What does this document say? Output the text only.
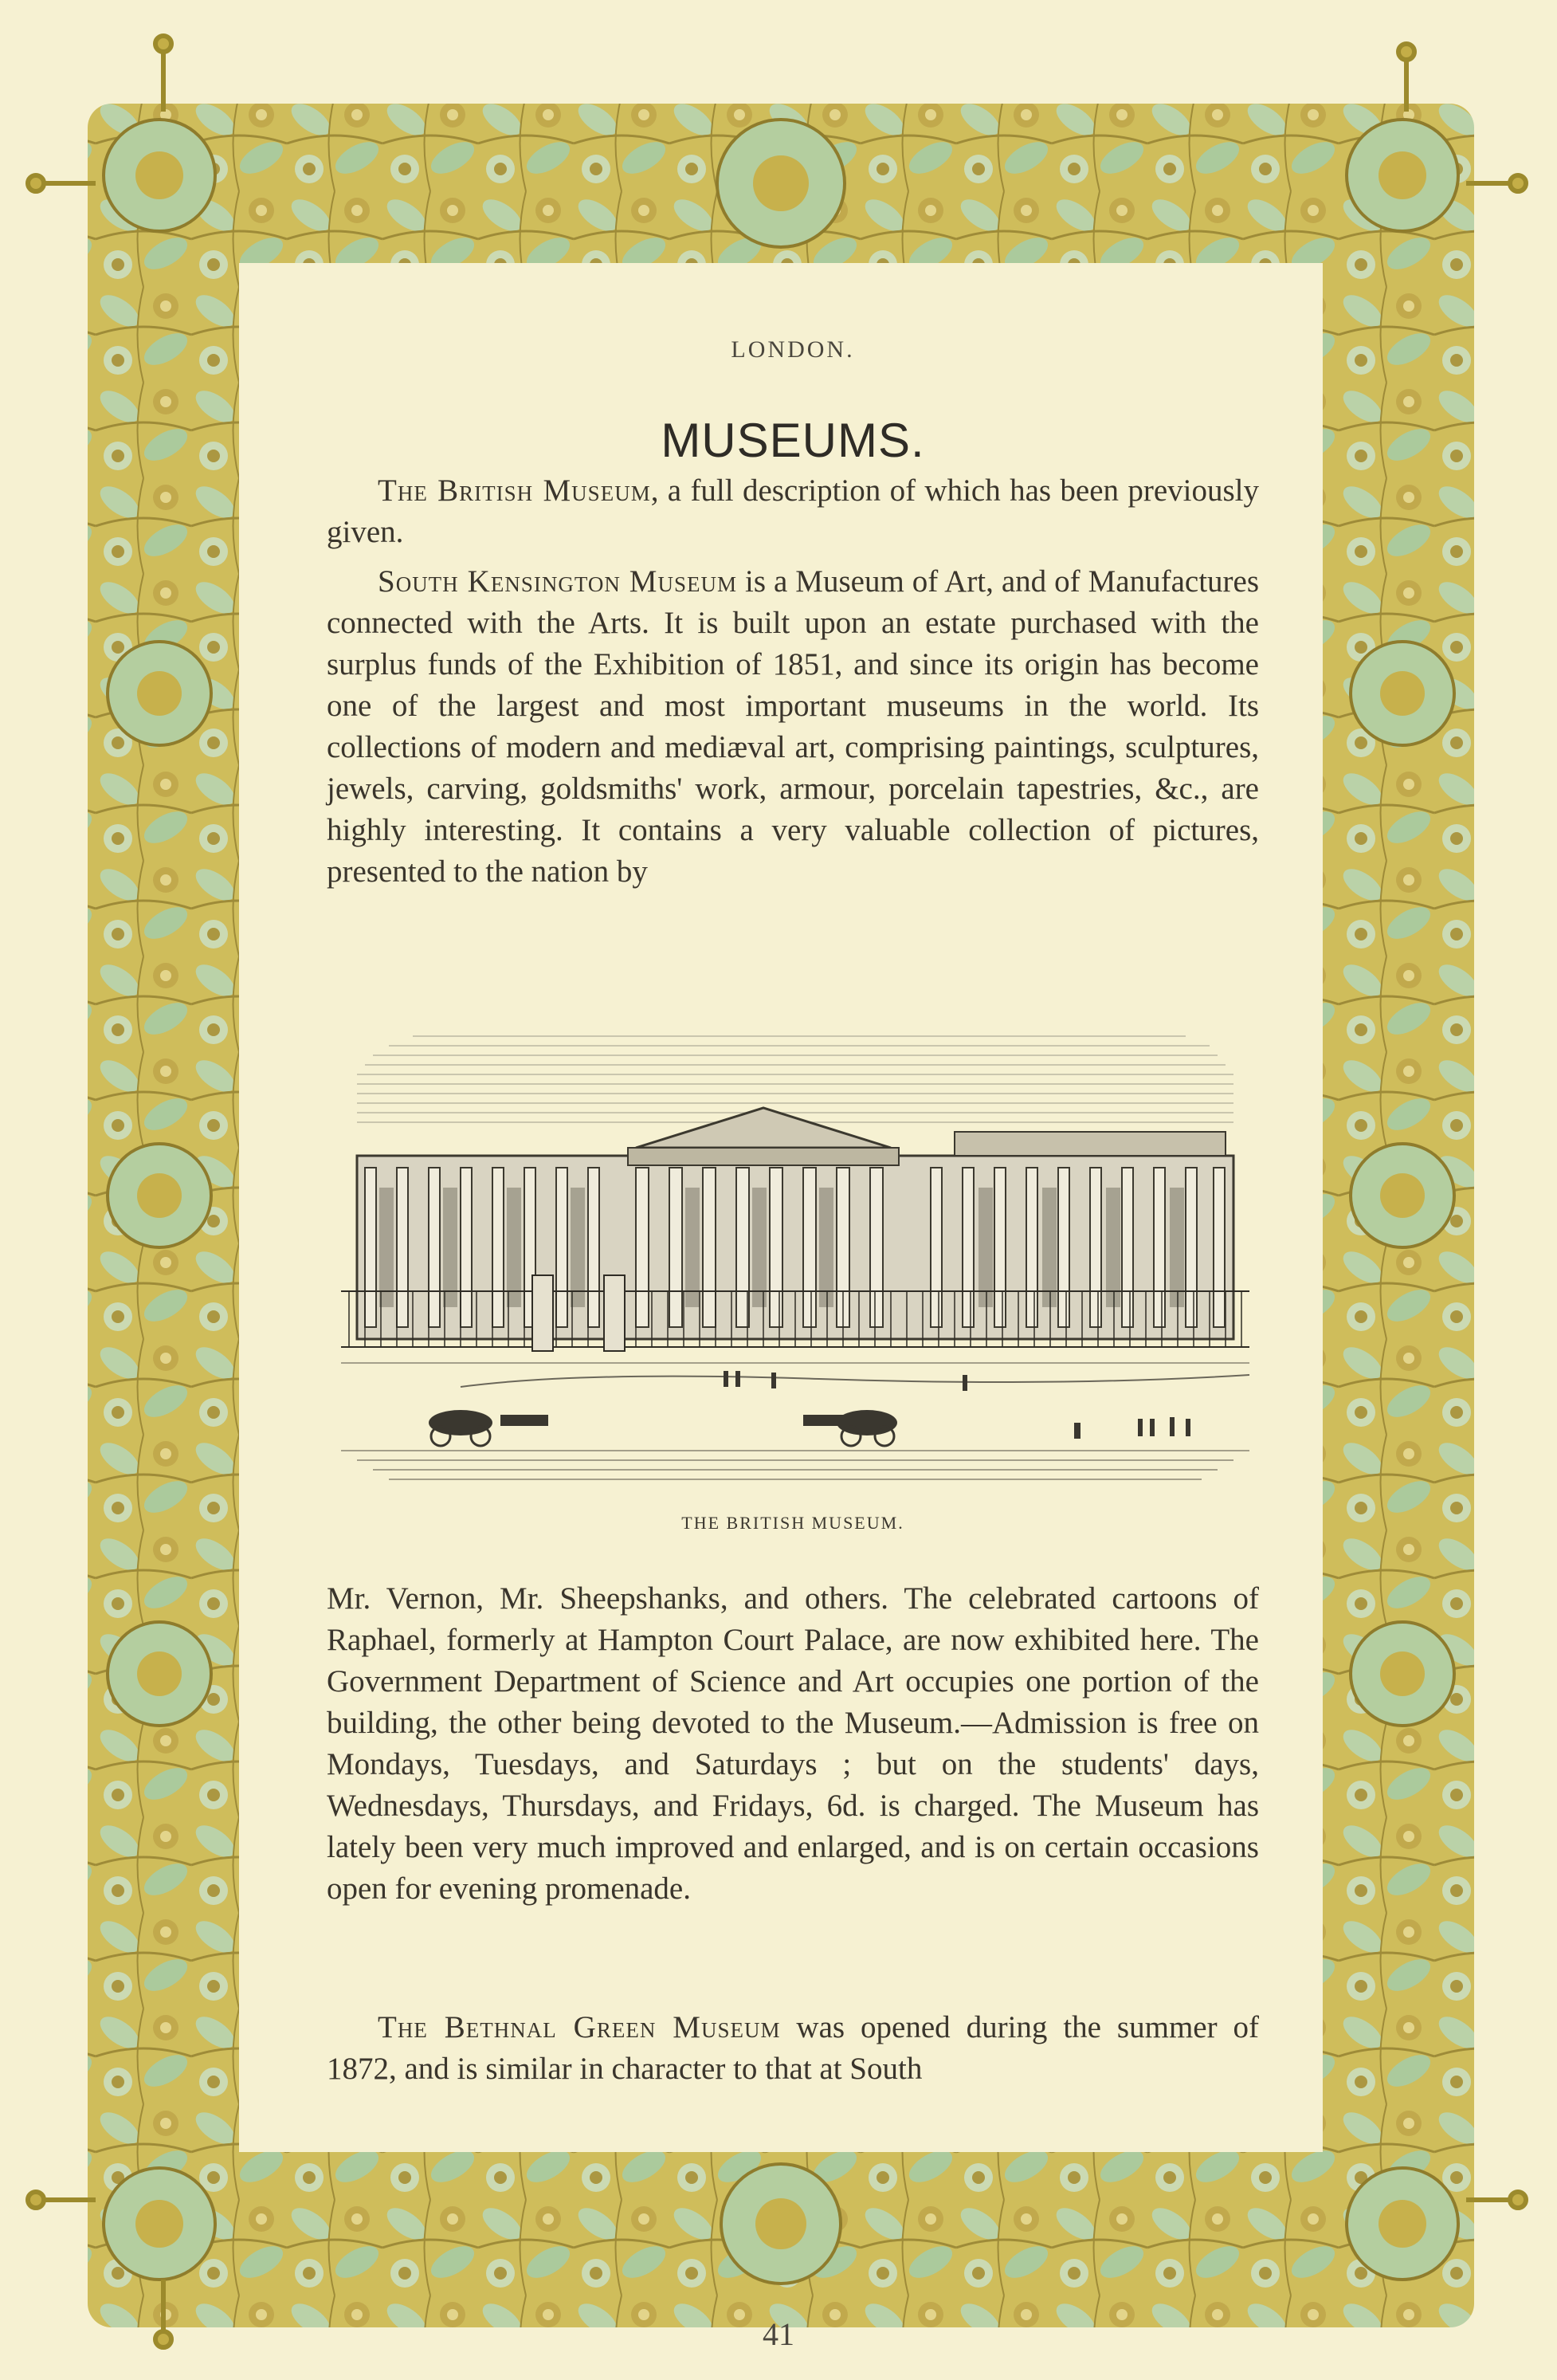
LONDON.
MUSEUMS.

The British Museum, a full description of which has been previously given.

South Kensington Museum is a Museum of Art, and of Manufactures connected with the Arts. It is built upon an estate purchased with the surplus funds of the Exhibition of 1851, and since its origin has become one of the largest and most important museums in the world. Its collections of modern and mediæval art, comprising paintings, sculptures, jewels, carving, goldsmiths' work, armour, porcelain tapestries, &c., are highly interesting. It contains a very valuable collection of pictures, presented to the nation by

THE BRITISH MUSEUM.

Mr. Vernon, Mr. Sheepshanks, and others. The celebrated cartoons of Raphael, formerly at Hampton Court Palace, are now exhibited here. The Government Department of Science and Art occupies one portion of the building, the other being devoted to the Museum.—Admission is free on Mondays, Tuesdays, and Saturdays ; but on the students' days, Wednesdays, Thursdays, and Fridays, 6d. is charged. The Museum has lately been very much improved and enlarged, and is on certain occasions open for evening promenade.

The Bethnal Green Museum was opened during the summer of 1872, and is similar in character to that at South

41
